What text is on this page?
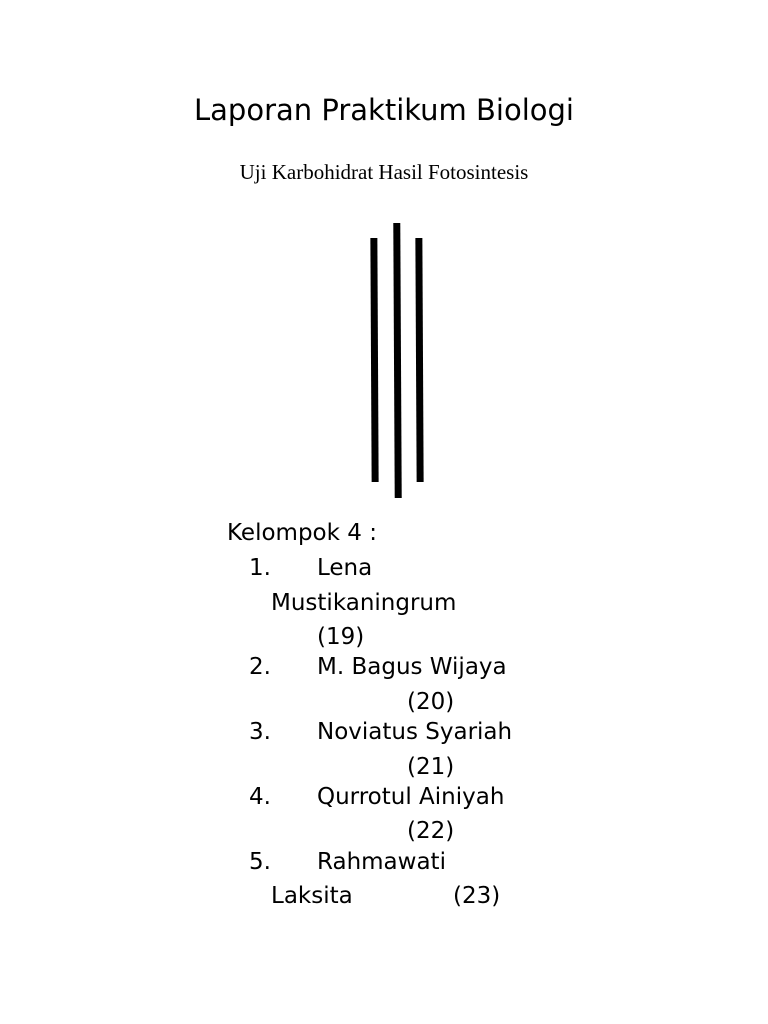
Laporan Praktikum Biologi
Uji Karbohidrat Hasil Fotosintesis
Kelompok 4 :
1. Lena
Mustikaningrum
(19)
2. M. Bagus Wijaya
(20)
3. Noviatus Syariah
(21)
4. Qurrotul Ainiyah
(22)
5. Rahmawati
Laksita	(23)
